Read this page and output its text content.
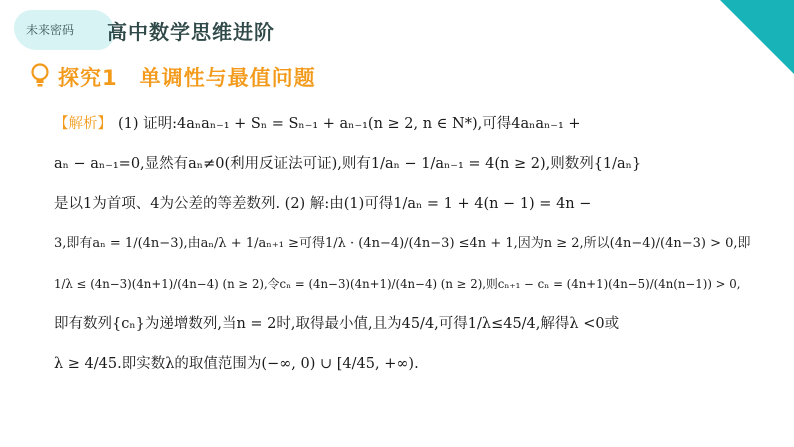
未来密码 高中数学思维进阶
探究1 单调性与最值问题
【解析】 (1) 证明:4aₙaₙ₋₁ + Sₙ = Sₙ₋₁ + aₙ₋₁(n ≥ 2, n ∈ N*),可得4aₙaₙ₋₁ +
aₙ − aₙ₋₁=0,显然有aₙ≠0(利用反证法可证),则有1/aₙ − 1/aₙ₋₁ = 4(n ≥ 2),则数列{1/aₙ}
是以1为首项、4为公差的等差数列. (2) 解:由(1)可得1/aₙ = 1 + 4(n − 1) = 4n −
3,即有aₙ = 1/(4n−3),由aₙ/λ + 1/aₙ₊₁ ≥可得1/λ · (4n−4)/(4n−3) ≤4n + 1,因为n ≥ 2,所以(4n−4)/(4n−3) > 0,即
1/λ ≤ (4n−3)(4n+1)/(4n−4) (n ≥ 2),令cₙ = (4n−3)(4n+1)/(4n−4) (n ≥ 2),则cₙ₊₁ − cₙ = (4n+1)(4n−5)/(4n(n−1)) > 0,
即有数列{cₙ}为递增数列,当n = 2时,取得最小值,且为45/4,可得1/λ≤45/4,解得λ <0或
λ ≥ 4/45.即实数λ的取值范围为(−∞, 0) ∪ [4/45, +∞).
